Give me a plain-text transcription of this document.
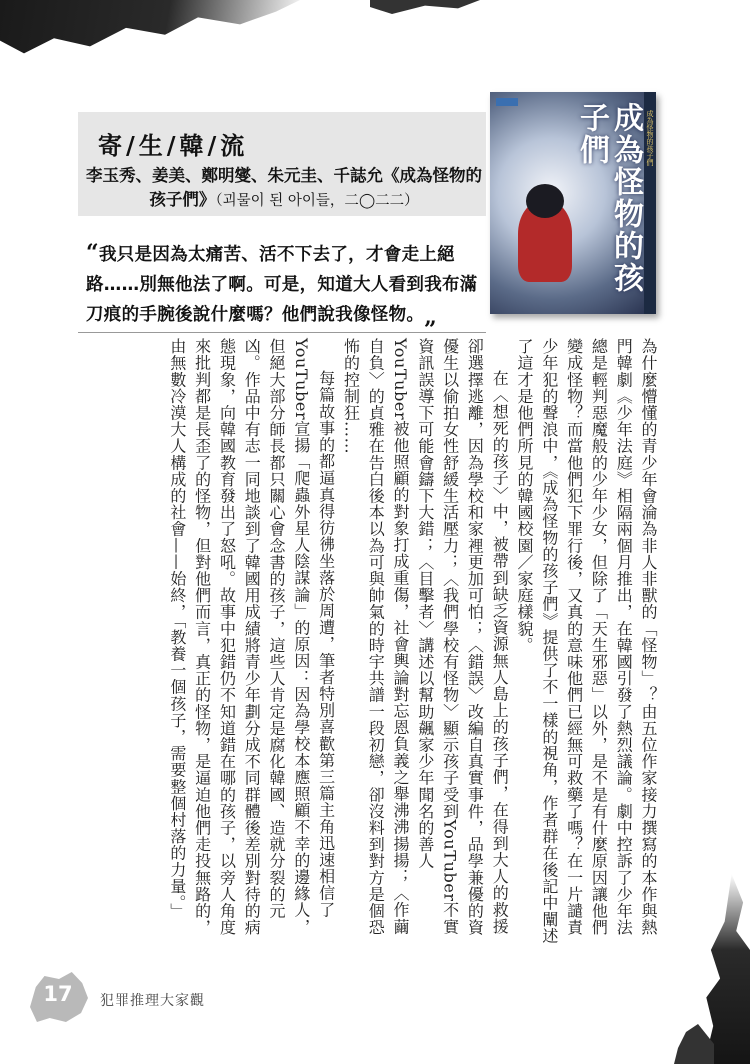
寄/生/韓/流
李玉秀、姜美、鄭明燮、朱元圭、千誌允《成為怪物的孩子們》（괴물이 된 아이들，二◯二二）	成為怪物的孩子們	成為怪物的孩子們
“我只是因為太痛苦、活不下去了，才會走上絕路……別無他法了啊。可是，知道大人看到我布滿刀痕的手腕後說什麼嗎？他們說我像怪物。„

為什麼懵懂的青少年會淪為非人非獸的「怪物」？由五位作家接力撰寫的本作與熱門韓劇《少年法庭》相隔兩個月推出，在韓國引發了熱烈議論。劇中控訴了少年法總是輕判惡魔般的少年少女，但除了「天生邪惡」以外，是不是有什麼原因讓他們變成怪物？而當他們犯下罪行後，又真的意味他們已經無可救藥了嗎？在一片譴責少年犯的聲浪中，《成為怪物的孩子們》提供了不一樣的視角，作者群在後記中闡述了這才是他們所見的韓國校園／家庭樣貌。

在〈想死的孩子〉中，被帶到缺乏資源無人島上的孩子們，在得到大人的救援卻選擇逃離，因為學校和家裡更加可怕；〈錯誤〉改編自真實事件，品學兼優的資優生以偷拍女性舒緩生活壓力；〈我們學校有怪物〉顯示孩子受到YouTuber不實資訊誤導下可能會鑄下大錯；〈目擊者〉講述以幫助飆家少年聞名的善人YouTuber被他照顧的對象打成重傷，社會輿論對忘恩負義之舉沸沸揚揚；〈作繭自負〉的貞雅在告白後本以為可與帥氣的時宇共譜一段初戀，卻沒料到對方是個恐怖的控制狂……

每篇故事的都逼真得彷彿坐落於周遭，筆者特別喜歡第三篇主角迅速相信了YouTuber宣揚「爬蟲外星人陰謀論」的原因：因為學校本應照顧不幸的邊緣人，但絕大部分師長都只關心會念書的孩子，這些人肯定是腐化韓國、造就分裂的元凶。作品中有志一同地談到了韓國用成績將青少年劃分成不同群體後差別對待的病態現象，向韓國教育發出了怒吼。故事中犯錯仍不知道錯在哪的孩子，以旁人角度來批判都是長歪了的怪物，但對他們而言，真正的怪物，是逼迫他們走投無路的，由無數冷漠大人構成的社會——始終，「教養一個孩子，需要整個村落的力量。」

17	犯罪推理大家觀
